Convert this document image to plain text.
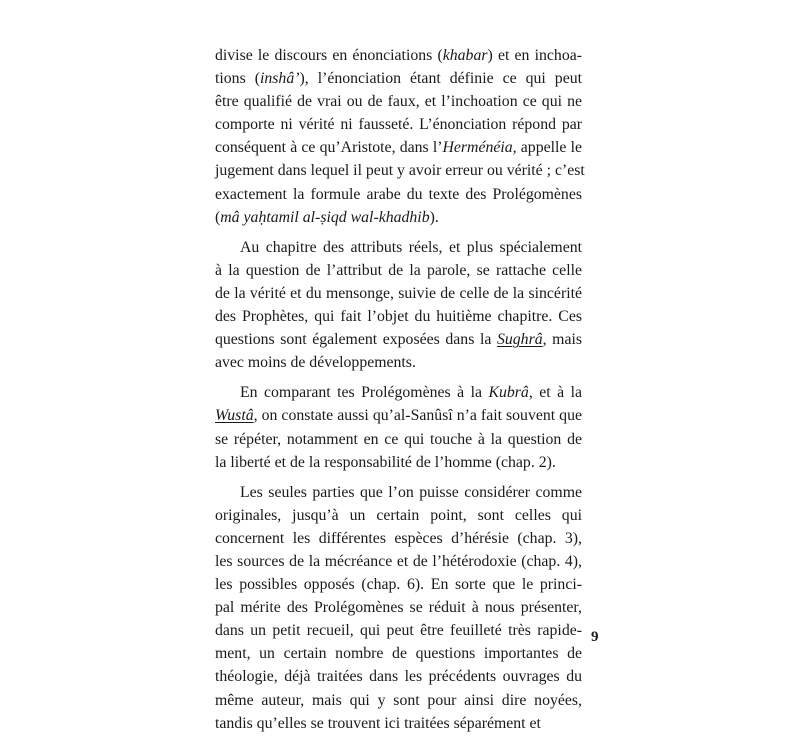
divise le discours en énonciations (khabar) et en inchoa-
tions (inshâ’), l’énonciation étant définie ce qui peut
être qualifié de vrai ou de faux, et l’inchoation ce qui ne
comporte ni vérité ni fausseté. L’énonciation répond par
conséquent à ce qu’Aristote, dans l’Herménéia, appelle le
jugement dans lequel il peut y avoir erreur ou vérité ; c’est
exactement la formule arabe du texte des Prolégomènes
(mâ yaḥtamil al-ṣiqd wal-khadhib).
Au chapitre des attributs réels, et plus spécialement
à la question de l’attribut de la parole, se rattache celle
de la vérité et du mensonge, suivie de celle de la sincérité
des Prophètes, qui fait l’objet du huitième chapitre. Ces
questions sont également exposées dans la Sughrâ, mais
avec moins de développements.
En comparant tes Prolégomènes à la Kubrâ, et à la
Wustâ, on constate aussi qu’al-Sanûsî n’a fait souvent que
se répéter, notamment en ce qui touche à la question de
la liberté et de la responsabilité de l’homme (chap. 2).
Les seules parties que l’on puisse considérer comme
originales, jusqu’à un certain point, sont celles qui
concernent les différentes espèces d’hérésie (chap. 3),
les sources de la mécréance et de l’hétérodoxie (chap. 4),
les possibles opposés (chap. 6). En sorte que le princi-
pal mérite des Prolégomènes se réduit à nous présenter,
dans un petit recueil, qui peut être feuilleté très rapide-
ment, un certain nombre de questions importantes de
théologie, déjà traitées dans les précédents ouvrages du
même auteur, mais qui y sont pour ainsi dire noyées,
tandis qu’elles se trouvent ici traitées séparément et
9
